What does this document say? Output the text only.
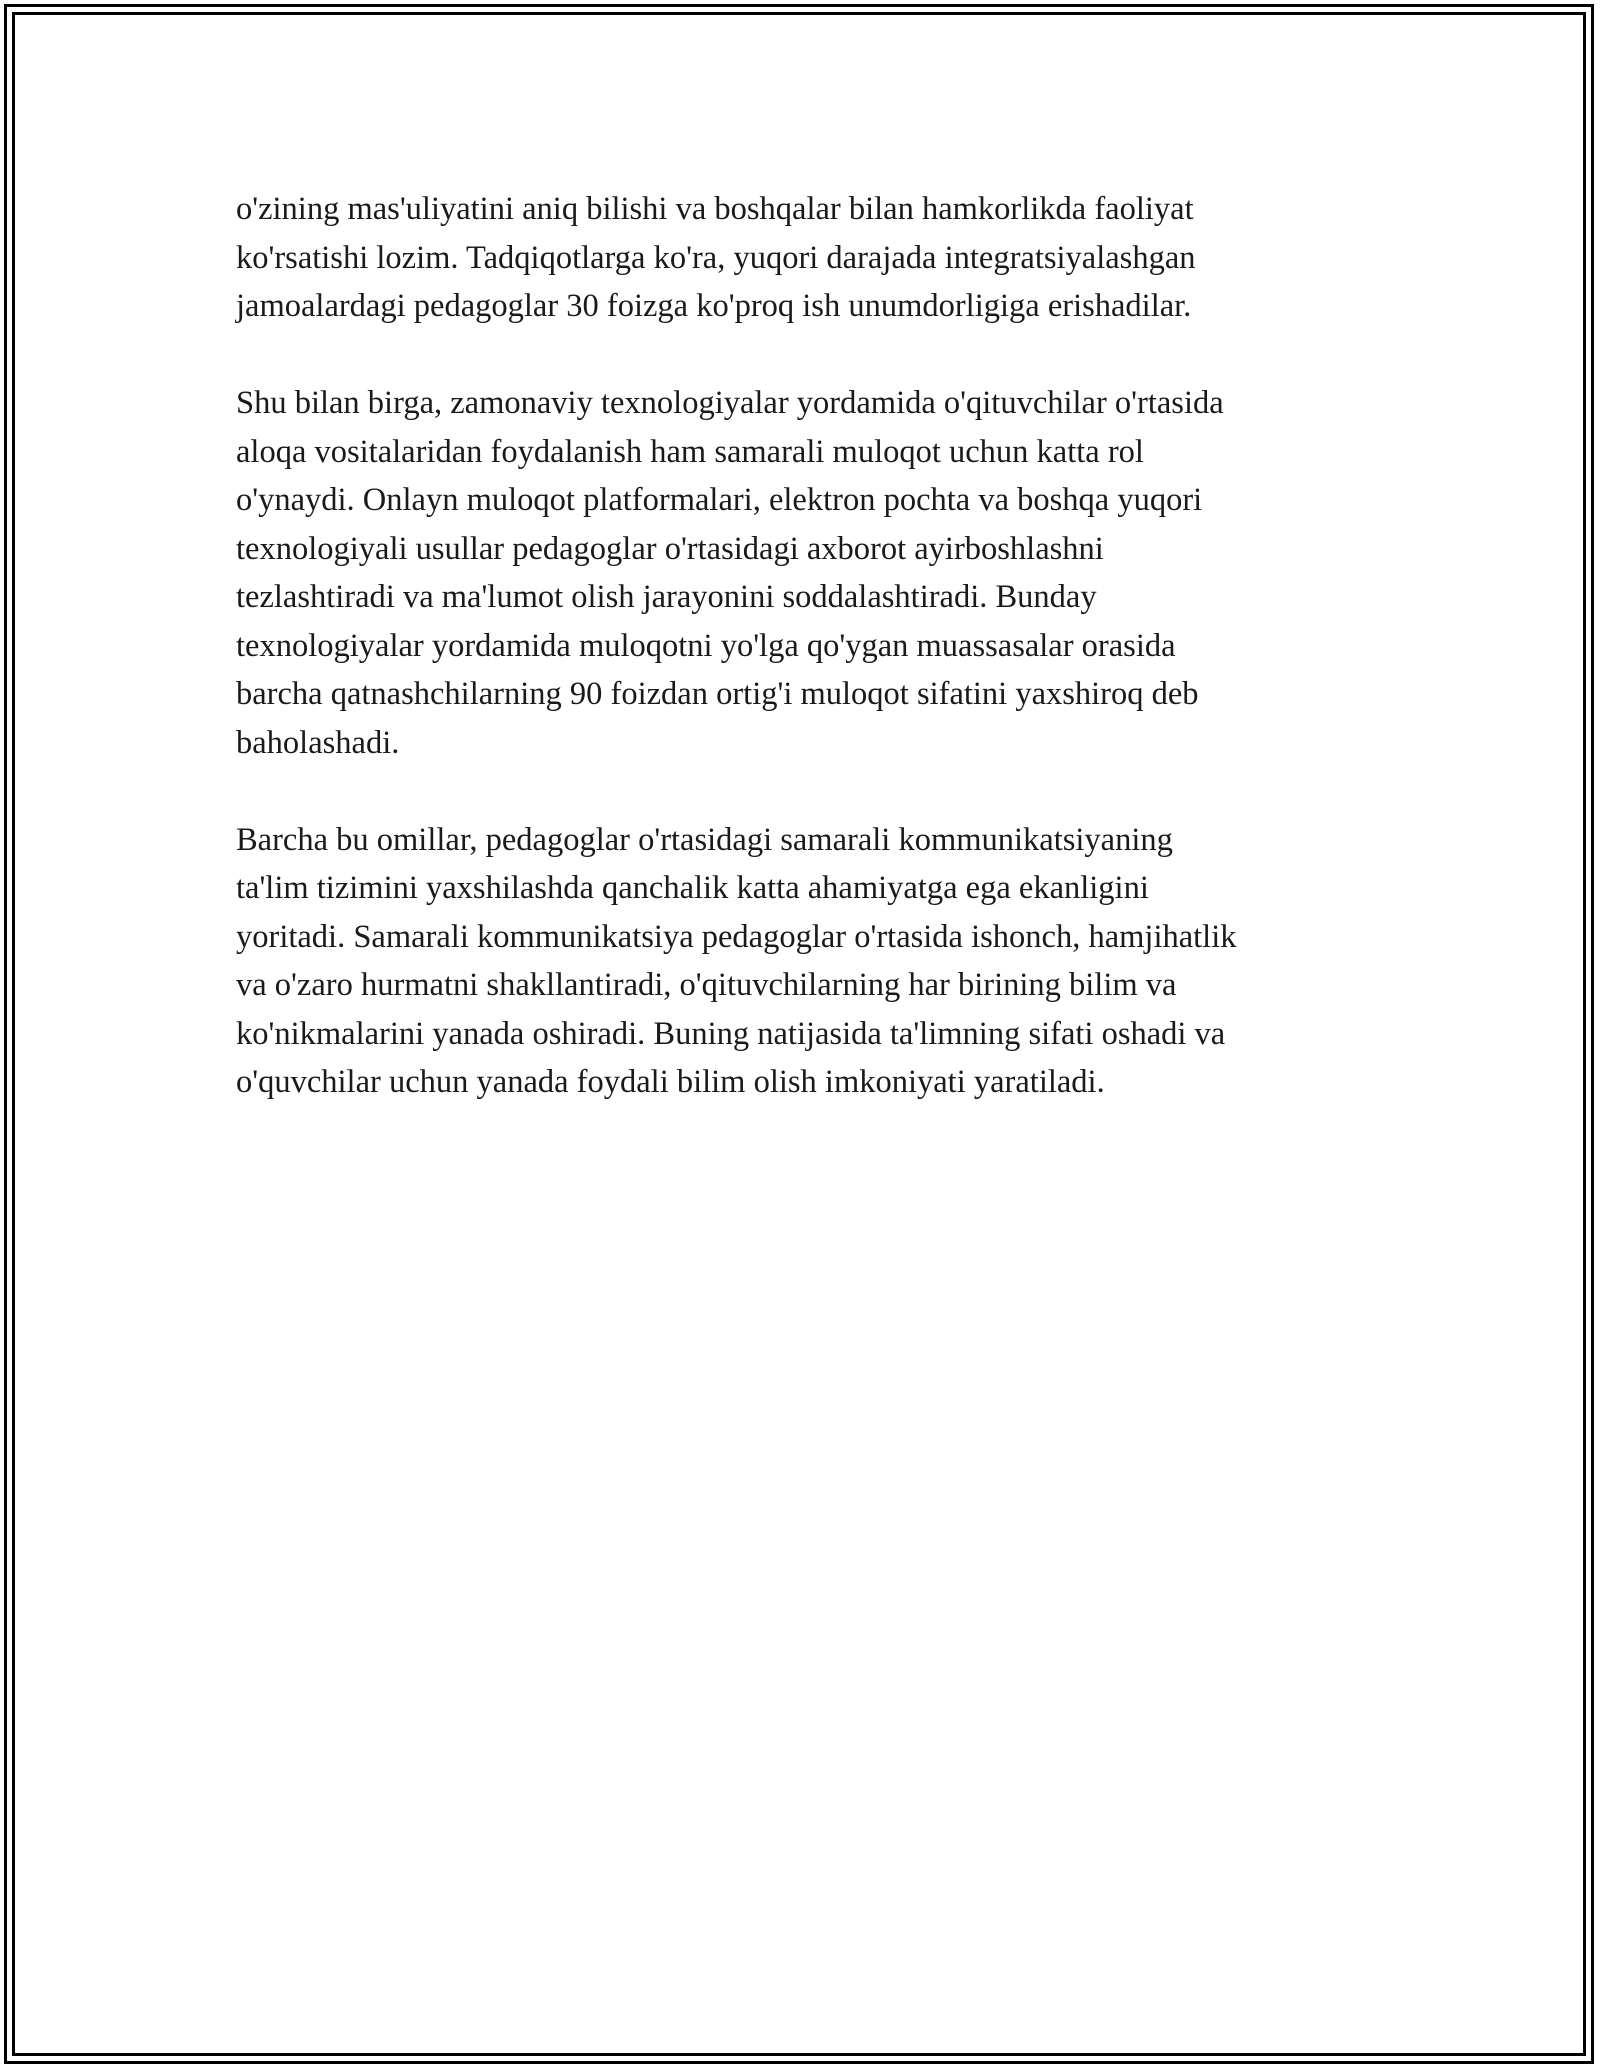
o'zining mas'uliyatini aniq bilishi va boshqalar bilan hamkorlikda faoliyat
ko'rsatishi lozim. Tadqiqotlarga ko'ra, yuqori darajada integratsiyalashgan
jamoalardagi pedagoglar 30 foizga ko'proq ish unumdorligiga erishadilar.
Shu bilan birga, zamonaviy texnologiyalar yordamida o'qituvchilar o'rtasida
aloqa vositalaridan foydalanish ham samarali muloqot uchun katta rol
o'ynaydi. Onlayn muloqot platformalari, elektron pochta va boshqa yuqori
texnologiyali usullar pedagoglar o'rtasidagi axborot ayirboshlashni
tezlashtiradi va ma'lumot olish jarayonini soddalashtiradi. Bunday
texnologiyalar yordamida muloqotni yo'lga qo'ygan muassasalar orasida
barcha qatnashchilarning 90 foizdan ortig'i muloqot sifatini yaxshiroq deb
baholashadi.
Barcha bu omillar, pedagoglar o'rtasidagi samarali kommunikatsiyaning
ta'lim tizimini yaxshilashda qanchalik katta ahamiyatga ega ekanligini
yoritadi. Samarali kommunikatsiya pedagoglar o'rtasida ishonch, hamjihatlik
va o'zaro hurmatni shakllantiradi, o'qituvchilarning har birining bilim va
ko'nikmalarini yanada oshiradi. Buning natijasida ta'limning sifati oshadi va
o'quvchilar uchun yanada foydali bilim olish imkoniyati yaratiladi.
